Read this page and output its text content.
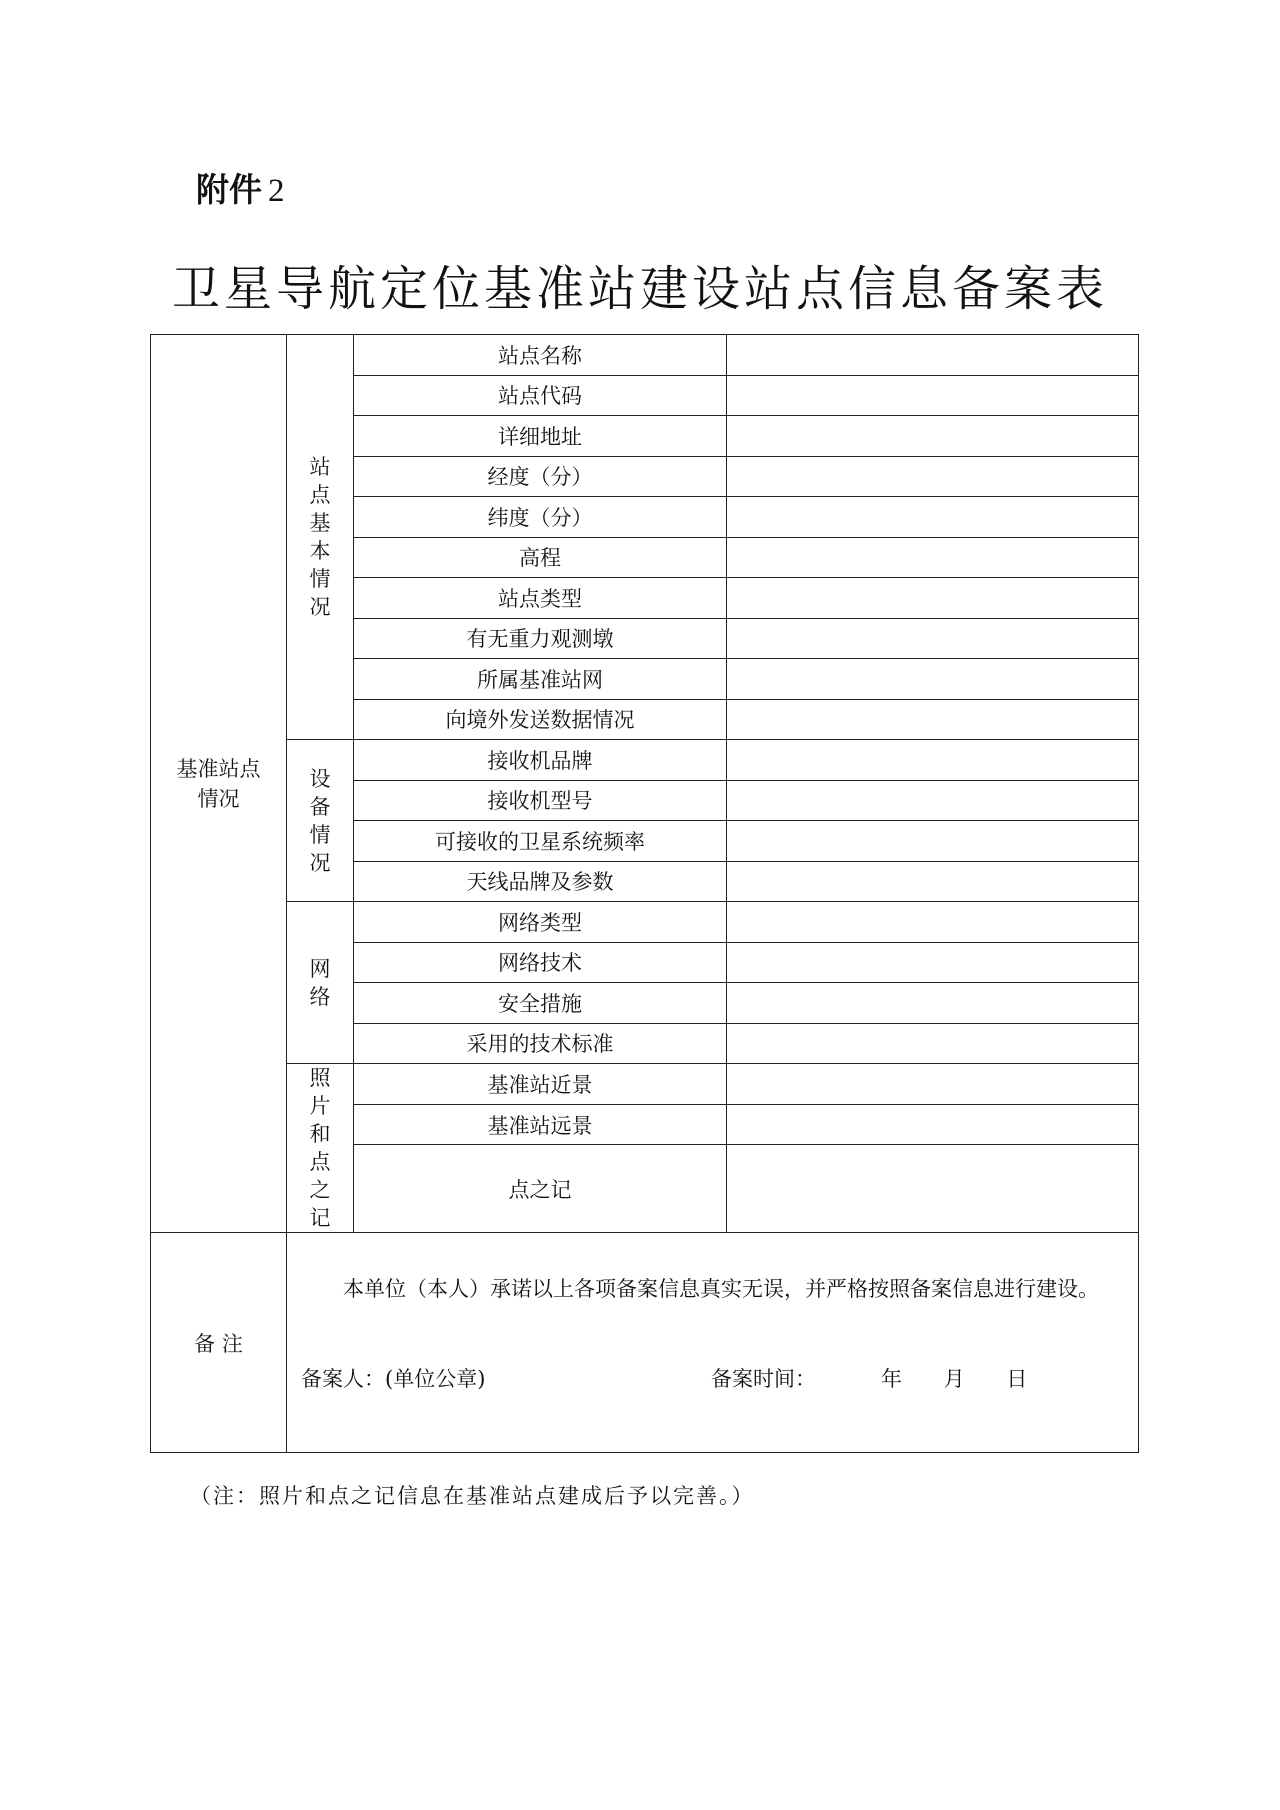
附件 2
卫星导航定位基准站建设站点信息备案表
基准站点情况	站点基本情况	站点名称	
		站点代码	
		详细地址	
		经度（分）	
		纬度（分）	
		高程	
		站点类型	
		有无重力观测墩	
		所属基准站网	
		向境外发送数据情况	
	设备情况	接收机品牌	
		接收机型号	
		可接收的卫星系统频率	
		天线品牌及参数	
	网络	网络类型	
		网络技术	
		安全措施	
		采用的技术标准	
	照片和点之记	基准站近景	
		基准站远景	
		点之记	
备 注	本单位（本人）承诺以上各项备案信息真实无误，并严格按照备案信息进行建设。
备案人：(单位公章) 备案时间： 年 月 日		
（注：照片和点之记信息在基准站点建成后予以完善。）
